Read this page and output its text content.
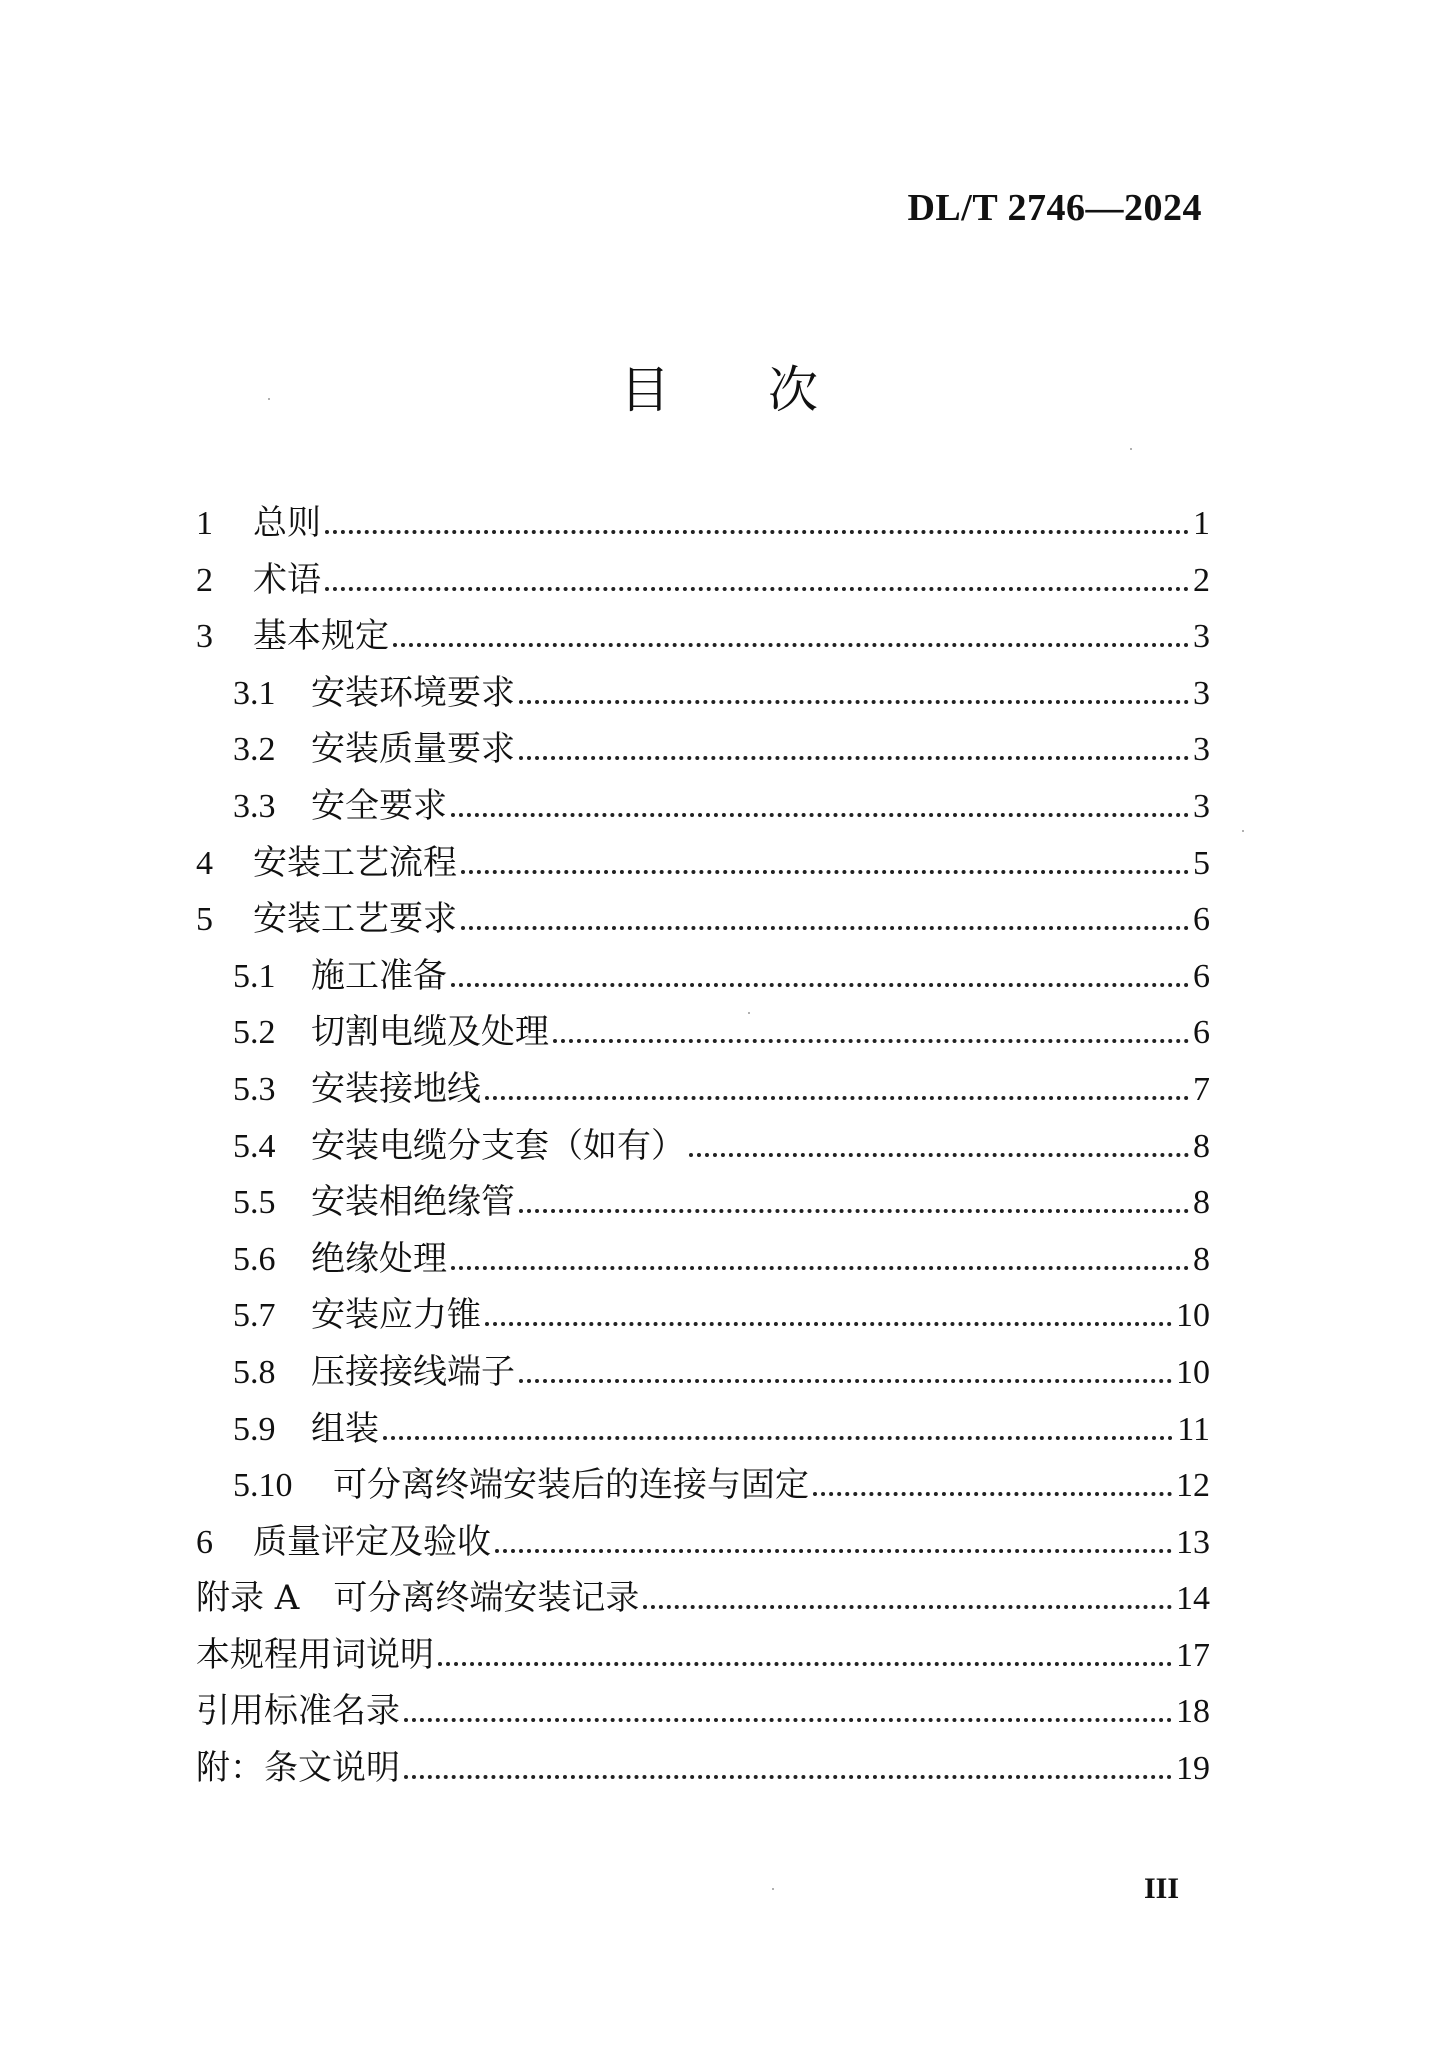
DL/T 2746—2024
目 次
1	总则	1
2	术语	2
3	基本规定	3
3.1	安装环境要求	3
3.2	安装质量要求	3
3.3	安全要求	3
4	安装工艺流程	5
5	安装工艺要求	6
5.1	施工准备	6
5.2	切割电缆及处理	6
5.3	安装接地线	7
5.4	安装电缆分支套（如有）	8
5.5	安装相绝缘管	8
5.6	绝缘处理	8
5.7	安装应力锥	10
5.8	压接接线端子	10
5.9	组装	11
5.10	可分离终端安装后的连接与固定	12
6	质量评定及验收	13
附录 A　可分离终端安装记录	14
本规程用词说明	17
引用标准名录	18
附：条文说明	19
III
